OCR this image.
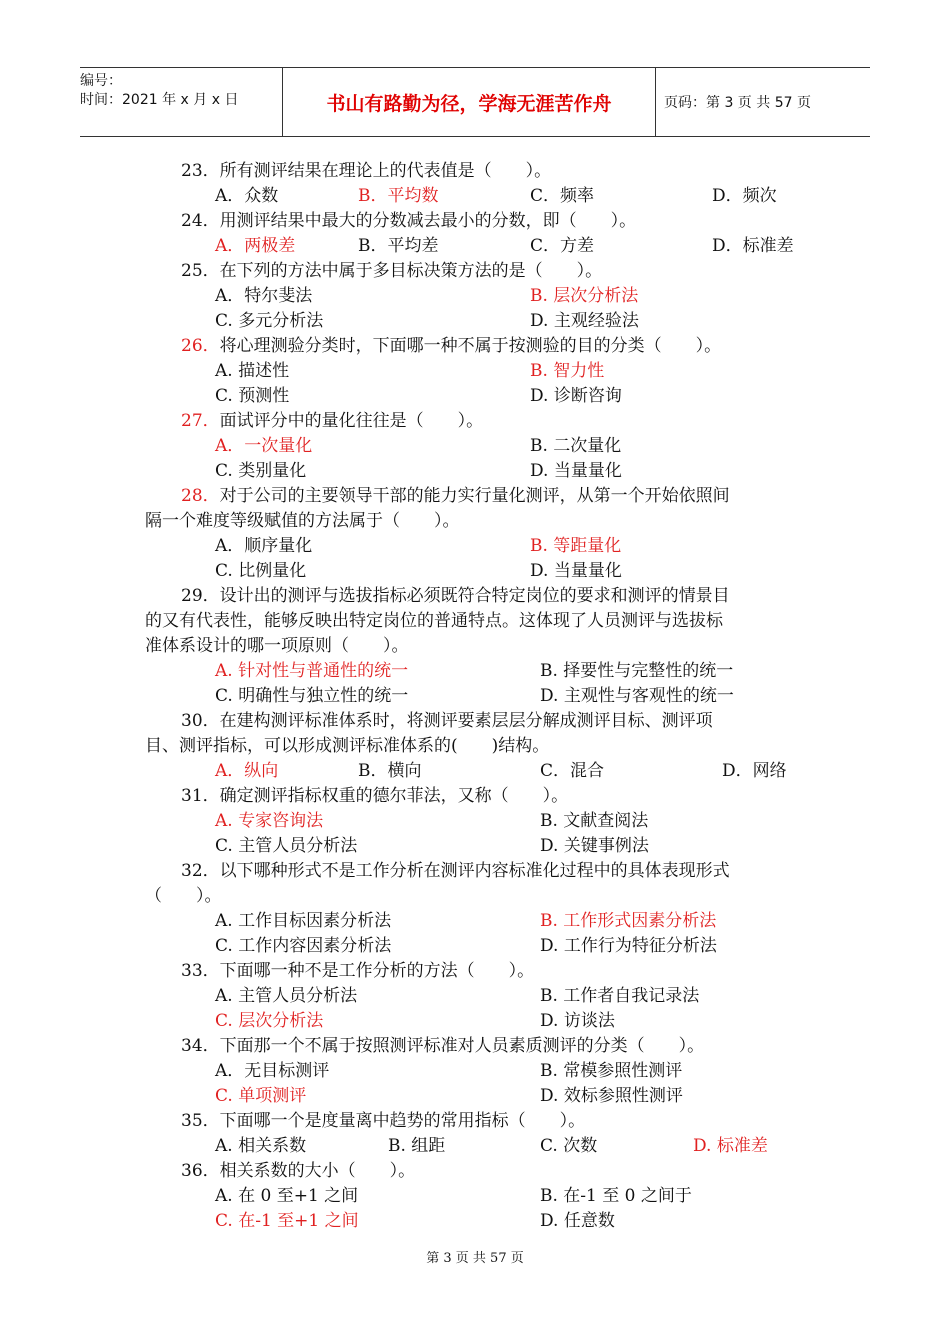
编号：
时间：2021 年 x 月 x 日	书山有路勤为径，学海无涯苦作舟	页码：第 3 页 共 57 页
23．所有测评结果在理论上的代表值是（　　）。
A．众数	B．平均数	C．频率	D．频次
24．用测评结果中最大的分数减去最小的分数，即（　　）。
A．两极差	B．平均差	C．方差	D．标准差
25．在下列的方法中属于多目标决策方法的是（　　）。
A．特尔斐法	B. 层次分析法
C. 多元分析法	D. 主观经验法
26．将心理测验分类时，下面哪一种不属于按测验的目的分类（　　）。
A. 描述性	B. 智力性
C. 预测性	D. 诊断咨询
27．面试评分中的量化往往是（　　）。
A．一次量化	B. 二次量化
C. 类别量化	D. 当量量化
28．对于公司的主要领导干部的能力实行量化测评，从第一个开始依照间
隔一个难度等级赋值的方法属于（　　）。
A．顺序量化	B. 等距量化
C. 比例量化	D. 当量量化
29．设计出的测评与选拔指标必须既符合特定岗位的要求和测评的情景目
的又有代表性，能够反映出特定岗位的普通特点。这体现了人员测评与选拔标
准体系设计的哪一项原则（　　）。
A. 针对性与普通性的统一	B. 择要性与完整性的统一
C. 明确性与独立性的统一	D. 主观性与客观性的统一
30．在建构测评标准体系时，将测评要素层层分解成测评目标、测评项
目、测评指标，可以形成测评标准体系的(　　)结构。
A．纵向	B．横向	C．混合	D．网络
31．确定测评指标权重的德尔菲法，又称（　　）。
A. 专家咨询法	B. 文献查阅法
C. 主管人员分析法	D. 关键事例法
32．以下哪种形式不是工作分析在测评内容标准化过程中的具体表现形式
（　　）。
A. 工作目标因素分析法	B. 工作形式因素分析法
C. 工作内容因素分析法	D. 工作行为特征分析法
33．下面哪一种不是工作分析的方法（　　）。
A. 主管人员分析法	B. 工作者自我记录法
C. 层次分析法	D. 访谈法
34．下面那一个不属于按照测评标准对人员素质测评的分类（　　）。
A．无目标测评	B. 常模参照性测评
C. 单项测评	D. 效标参照性测评
35．下面哪一个是度量离中趋势的常用指标（　　）。
A. 相关系数	B. 组距	C. 次数	D. 标准差
36．相关系数的大小（　　）。
A. 在 0 至+1 之间	B. 在-1 至 0 之间于
C. 在-1 至+1 之间	D. 任意数
第 3 页 共 57 页
